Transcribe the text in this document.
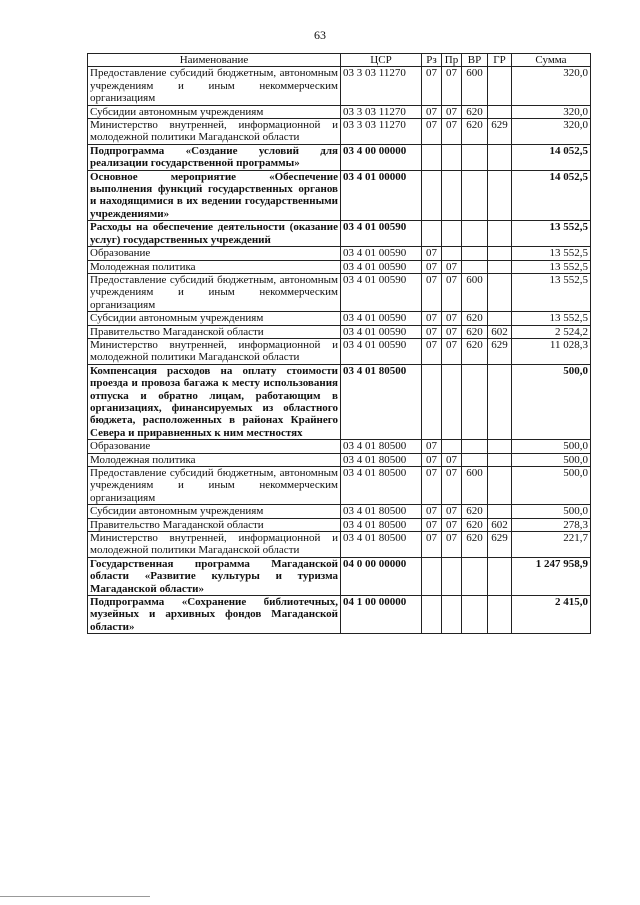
63
Наименование	ЦСР	Рз	Пр	ВР	ГР	Сумма
Предоставление субсидий бюджетным, автономным учреждениям и иным некоммерческим организациям	03 3 03 11270	07	07	600		320,0
Субсидии автономным учреждениям	03 3 03 11270	07	07	620		320,0
Министерство внутренней, информационной и молодежной политики Магаданской области	03 3 03 11270	07	07	620	629	320,0
Подпрограмма «Создание условий для реализации государственной программы»	03 4 00 00000					14 052,5
Основное мероприятие «Обеспечение выполнения функций государственных органов и находящимися в их ведении государственными учреждениями»	03 4 01 00000					14 052,5
Расходы на обеспечение деятельности (оказание услуг) государственных учреждений	03 4 01 00590					13 552,5
Образование	03 4 01 00590	07				13 552,5
Молодежная политика	03 4 01 00590	07	07			13 552,5
Предоставление субсидий бюджетным, автономным учреждениям и иным некоммерческим организациям	03 4 01 00590	07	07	600		13 552,5
Субсидии автономным учреждениям	03 4 01 00590	07	07	620		13 552,5
Правительство Магаданской области	03 4 01 00590	07	07	620	602	2 524,2
Министерство внутренней, информационной и молодежной политики Магаданской области	03 4 01 00590	07	07	620	629	11 028,3
Компенсация расходов на оплату стоимости проезда и провоза багажа к месту использования отпуска и обратно лицам, работающим в организациях, финансируемых из областного бюджета, расположенных в районах Крайнего Севера и приравненных к ним местностях	03 4 01 80500					500,0
Образование	03 4 01 80500	07				500,0
Молодежная политика	03 4 01 80500	07	07			500,0
Предоставление субсидий бюджетным, автономным учреждениям и иным некоммерческим организациям	03 4 01 80500	07	07	600		500,0
Субсидии автономным учреждениям	03 4 01 80500	07	07	620		500,0
Правительство Магаданской области	03 4 01 80500	07	07	620	602	278,3
Министерство внутренней, информационной и молодежной политики Магаданской области	03 4 01 80500	07	07	620	629	221,7
Государственная программа Магаданской области «Развитие культуры и туризма Магаданской области»	04 0 00 00000					1 247 958,9
Подпрограмма «Сохранение библиотечных, музейных и архивных фондов Магаданской области»	04 1 00 00000					2 415,0
